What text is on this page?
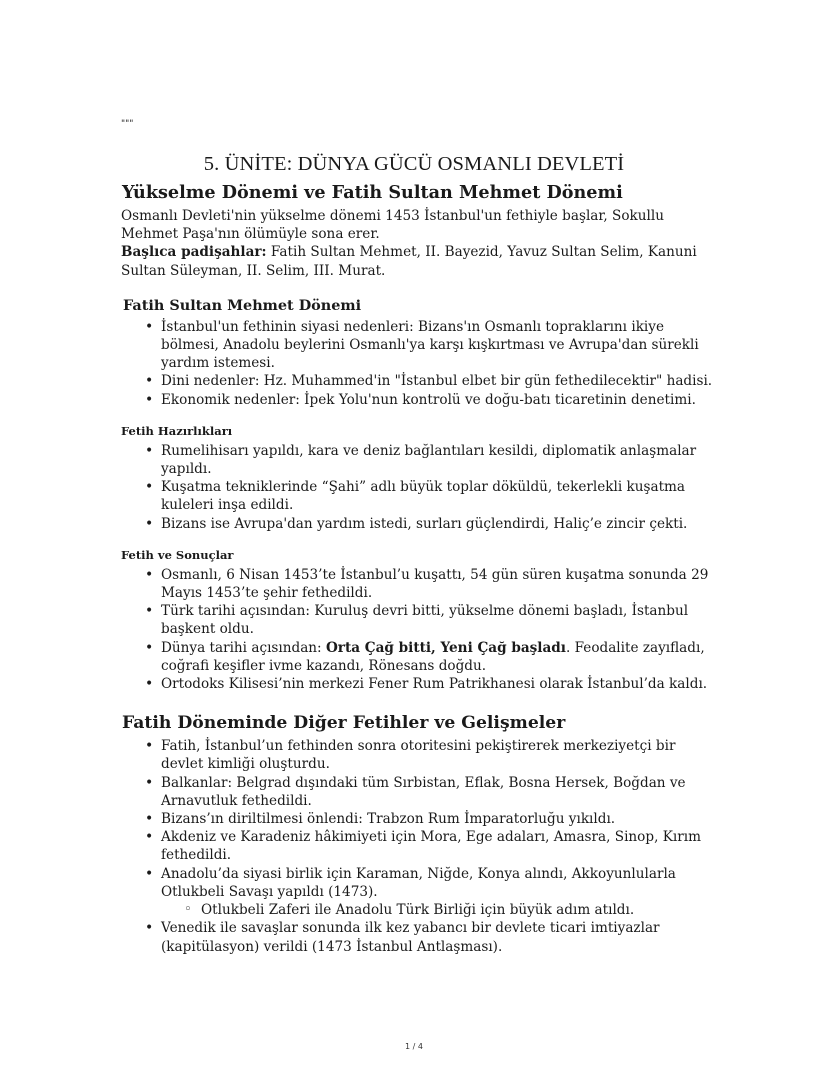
"""
5. ÜNİTE: DÜNYA GÜCÜ OSMANLI DEVLETİ
Yükselme Dönemi ve Fatih Sultan Mehmet Dönemi

Osmanlı Devleti'nin yükselme dönemi 1453 İstanbul'un fethiyle başlar, Sokullu Mehmet Paşa'nın ölümüyle sona erer.

Başlıca padişahlar: Fatih Sultan Mehmet, II. Bayezid, Yavuz Sultan Selim, Kanuni Sultan Süleyman, II. Selim, III. Murat.

Fatih Sultan Mehmet Dönemi
• İstanbul'un fethinin siyasi nedenleri: Bizans'ın Osmanlı topraklarını ikiye bölmesi, Anadolu beylerini Osmanlı'ya karşı kışkırtması ve Avrupa'dan sürekli yardım istemesi.
• Dini nedenler: Hz. Muhammed'in "İstanbul elbet bir gün fethedilecektir" hadisi.
• Ekonomik nedenler: İpek Yolu'nun kontrolü ve doğu-batı ticaretinin denetimi.
Fetih Hazırlıkları
• Rumelihisarı yapıldı, kara ve deniz bağlantıları kesildi, diplomatik anlaşmalar yapıldı.
• Kuşatma tekniklerinde “Şahi” adlı büyük toplar döküldü, tekerlekli kuşatma kuleleri inşa edildi.
• Bizans ise Avrupa'dan yardım istedi, surları güçlendirdi, Haliç’e zincir çekti.
Fetih ve Sonuçlar
• Osmanlı, 6 Nisan 1453’te İstanbul’u kuşattı, 54 gün süren kuşatma sonunda 29 Mayıs 1453’te şehir fethedildi.
• Türk tarihi açısından: Kuruluş devri bitti, yükselme dönemi başladı, İstanbul başkent oldu.
• Dünya tarihi açısından: Orta Çağ bitti, Yeni Çağ başladı. Feodalite zayıfladı, coğrafi keşifler ivme kazandı, Rönesans doğdu.
• Ortodoks Kilisesi’nin merkezi Fener Rum Patrikhanesi olarak İstanbul’da kaldı.
Fatih Döneminde Diğer Fetihler ve Gelişmeler
• Fatih, İstanbul’un fethinden sonra otoritesini pekiştirerek merkeziyetçi bir devlet kimliği oluşturdu.
• Balkanlar: Belgrad dışındaki tüm Sırbistan, Eflak, Bosna Hersek, Boğdan ve Arnavutluk fethedildi.
• Bizans’ın diriltilmesi önlendi: Trabzon Rum İmparatorluğu yıkıldı.
• Akdeniz ve Karadeniz hâkimiyeti için Mora, Ege adaları, Amasra, Sinop, Kırım fethedildi.
• Anadolu’da siyasi birlik için Karaman, Niğde, Konya alındı, Akkoyunlularla Otlukbeli Savaşı yapıldı (1473).
◦ Otlukbeli Zaferi ile Anadolu Türk Birliği için büyük adım atıldı.
• Venedik ile savaşlar sonunda ilk kez yabancı bir devlete ticari imtiyazlar (kapitülasyon) verildi (1473 İstanbul Antlaşması).
1 / 4
